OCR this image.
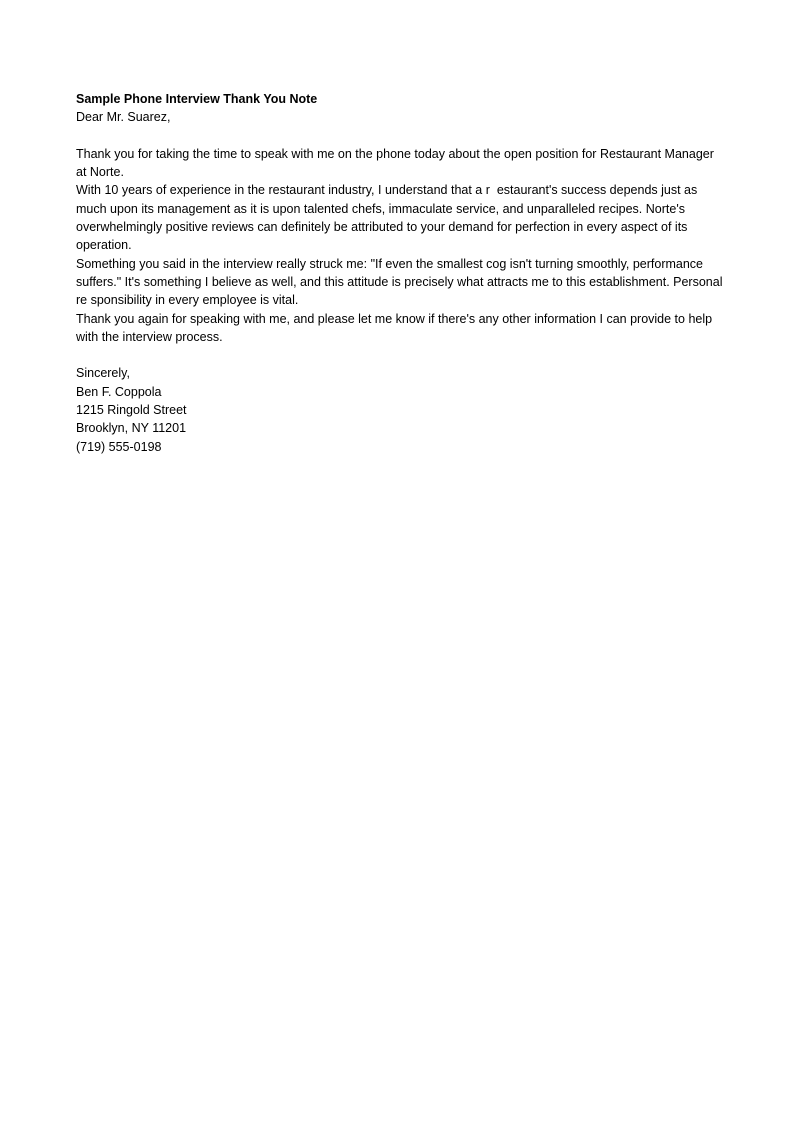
Sample Phone Interview Thank You Note

Dear Mr. Suarez,

Thank you for taking the time to speak with me on the phone today about the open position for Restaurant Manager at Norte.

With 10 years of experience in the restaurant industry, I understand that a r  estaurant's success depends just as much upon its management as it is upon talented chefs, immaculate service, and unparalleled recipes. Norte's overwhelmingly positive reviews can definitely be attributed to your demand for perfection in every aspect of its operation.

Something you said in the interview really struck me: "If even the smallest cog isn't turning smoothly, performance suffers." It's something I believe as well, and this attitude is precisely what attracts me to this establishment. Personal re sponsibility in every employee is vital.

Thank you again for speaking with me, and please let me know if there's any other information I can provide to help with the interview process.

Sincerely,

Ben F. Coppola

1215 Ringold Street

Brooklyn, NY 11201

(719) 555-0198
